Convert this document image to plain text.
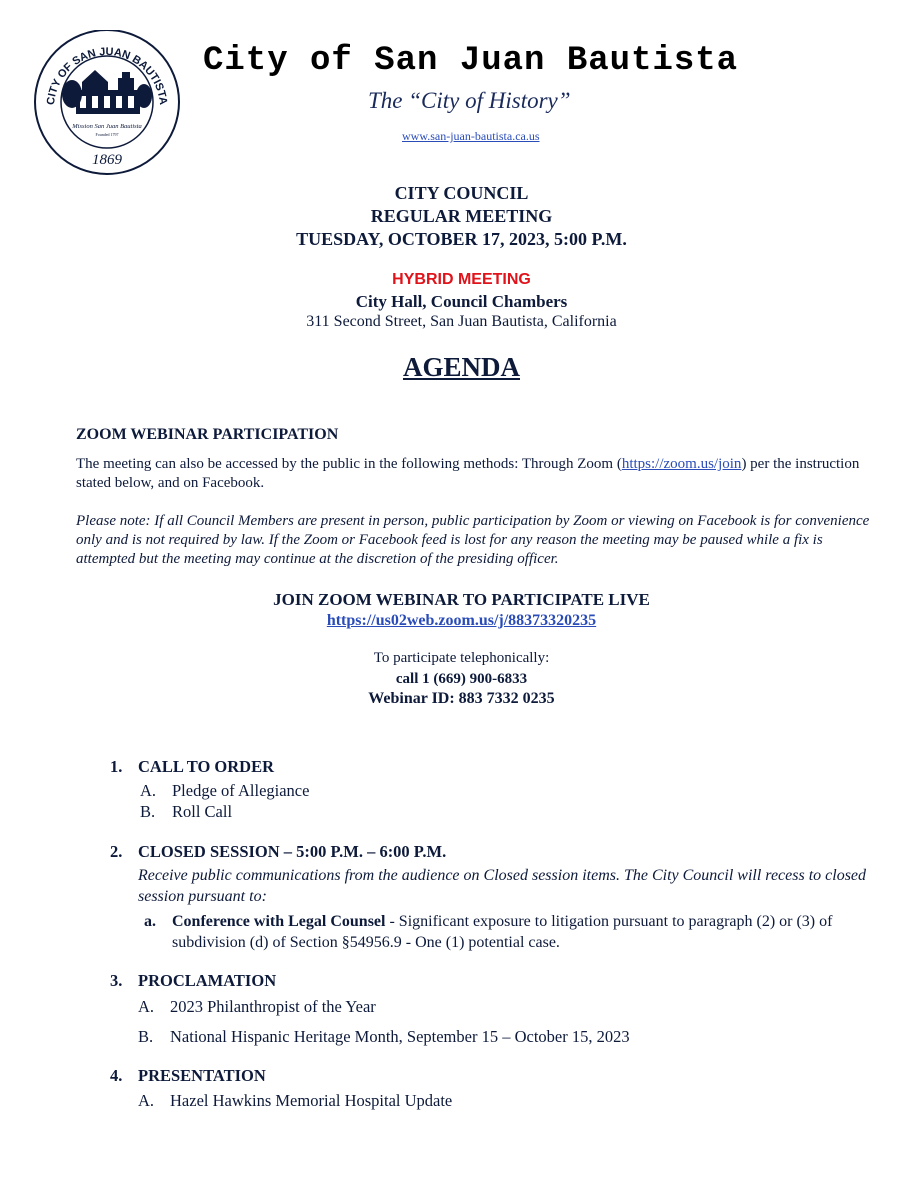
CITY OF SAN JUAN BAUTISTA
Mission San Juan Bautista
Founded 1797
1869
City of San Juan Bautista
The “City of History”
www.san-juan-bautista.ca.us
CITY COUNCIL
REGULAR MEETING
TUESDAY, OCTOBER 17, 2023, 5:00 P.M.
HYBRID MEETING
City Hall, Council Chambers
311 Second Street, San Juan Bautista, California
AGENDA
ZOOM WEBINAR PARTICIPATION
The meeting can also be accessed by the public in the following methods: Through Zoom (https://zoom.us/join) per the instruction stated below, and on Facebook.
Please note: If all Council Members are present in person, public participation by Zoom or viewing on Facebook is for convenience only and is not required by law. If the Zoom or Facebook feed is lost for any reason the meeting may be paused while a fix is attempted but the meeting may continue at the discretion of the presiding officer.
JOIN ZOOM WEBINAR TO PARTICIPATE LIVE
https://us02web.zoom.us/j/88373320235
To participate telephonically:
call 1 (669) 900-6833
Webinar ID: 883 7332 0235
1. CALL TO ORDER
A. Pledge of Allegiance
B. Roll Call
2. CLOSED SESSION – 5:00 P.M. – 6:00 P.M.
Receive public communications from the audience on Closed session items. The City Council will recess to closed session pursuant to:
a. Conference with Legal Counsel - Significant exposure to litigation pursuant to paragraph (2) or (3) of subdivision (d) of Section §54956.9 - One (1) potential case.
3. PROCLAMATION
A. 2023 Philanthropist of the Year
B. National Hispanic Heritage Month, September 15 – October 15, 2023
4. PRESENTATION
A. Hazel Hawkins Memorial Hospital Update
